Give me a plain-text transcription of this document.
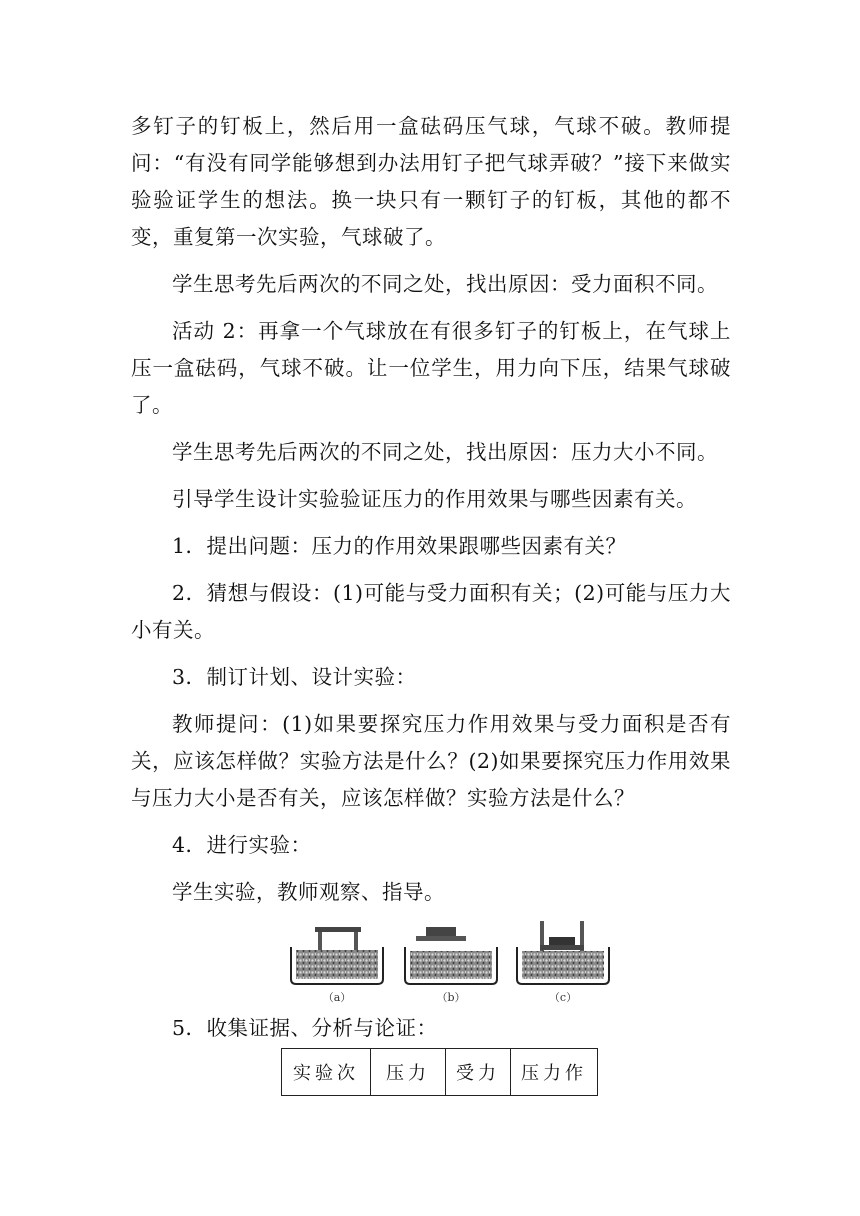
多钉子的钉板上，然后用一盒砝码压气球，气球不破。教师提问：“有没有同学能够想到办法用钉子把气球弄破？”接下来做实验验证学生的想法。换一块只有一颗钉子的钉板，其他的都不变，重复第一次实验，气球破了。

学生思考先后两次的不同之处，找出原因：受力面积不同。

活动 2：再拿一个气球放在有很多钉子的钉板上，在气球上压一盒砝码，气球不破。让一位学生，用力向下压，结果气球破了。

学生思考先后两次的不同之处，找出原因：压力大小不同。

引导学生设计实验验证压力的作用效果与哪些因素有关。

1．提出问题：压力的作用效果跟哪些因素有关？

2．猜想与假设：(1)可能与受力面积有关；(2)可能与压力大小有关。

3．制订计划、设计实验：

教师提问：(1)如果要探究压力作用效果与受力面积是否有关，应该怎样做？实验方法是什么？(2)如果要探究压力作用效果与压力大小是否有关，应该怎样做？实验方法是什么？

4．进行实验：

学生实验，教师观察、指导。

（a）	（b）	（c）

5．收集证据、分析与论证：

实验次	压力	受力	压力作
